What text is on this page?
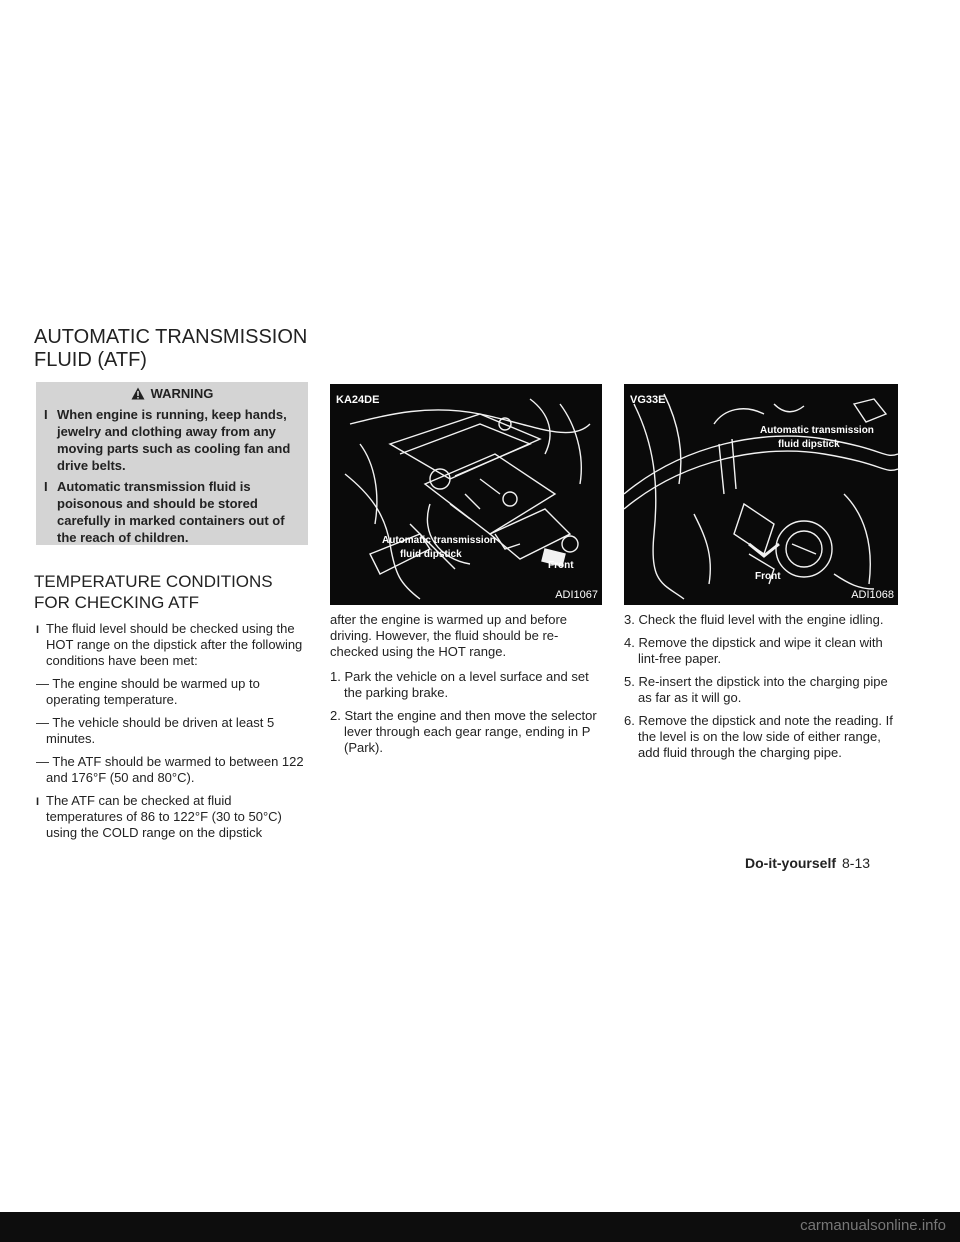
AUTOMATIC TRANSMISSION
FLUID (ATF)
WARNING
I When engine is running, keep hands, jewelry and clothing away from any moving parts such as cooling fan and drive belts.
I Automatic transmission fluid is poisonous and should be stored carefully in marked containers out of the reach of children.
TEMPERATURE CONDITIONS
FOR CHECKING ATF
I The fluid level should be checked using the HOT range on the dipstick after the following conditions have been met:
— The engine should be warmed up to operating temperature.
— The vehicle should be driven at least 5 minutes.
— The ATF should be warmed to between 122 and 176°F (50 and 80°C).
I The ATF can be checked at fluid temperatures of 86 to 122°F (30 to 50°C) using the COLD range on the dipstick
KA24DE
Automatic transmission
fluid dipstick
Front
ADI1067
VG33E
Automatic transmission
fluid dipstick
Front
ADI1068
after the engine is warmed up and before driving. However, the fluid should be re-checked using the HOT range.
1. Park the vehicle on a level surface and set the parking brake.
2. Start the engine and then move the selector lever through each gear range, ending in P (Park).
3. Check the fluid level with the engine idling.
4. Remove the dipstick and wipe it clean with lint-free paper.
5. Re-insert the dipstick into the charging pipe as far as it will go.
6. Remove the dipstick and note the reading. If the level is on the low side of either range, add fluid through the charging pipe.
Do-it-yourself 8-13
carmanualsonline.info
